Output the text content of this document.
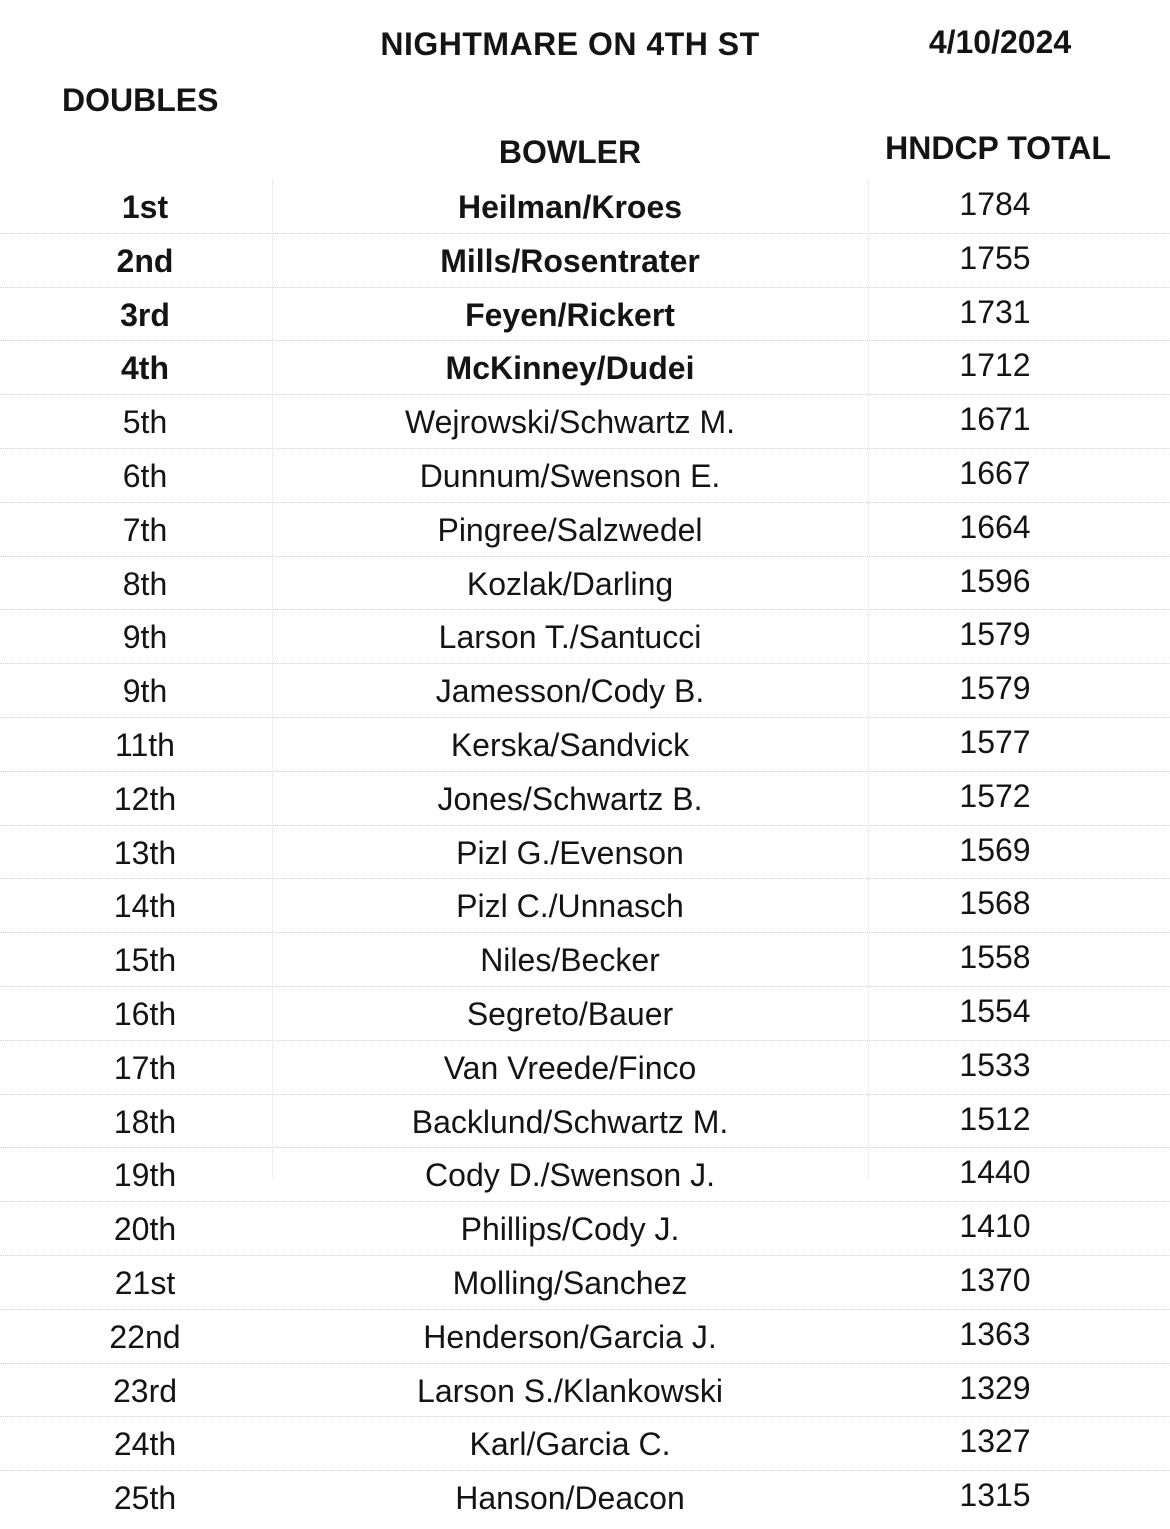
NIGHTMARE ON 4TH ST	4/10/2024
DOUBLES
BOWLER	HNDCP TOTAL
1st	Heilman/Kroes	1784
2nd	Mills/Rosentrater	1755
3rd	Feyen/Rickert	1731
4th	McKinney/Dudei	1712
5th	Wejrowski/Schwartz M.	1671
6th	Dunnum/Swenson E.	1667
7th	Pingree/Salzwedel	1664
8th	Kozlak/Darling	1596
9th	Larson T./Santucci	1579
9th	Jamesson/Cody B.	1579
11th	Kerska/Sandvick	1577
12th	Jones/Schwartz B.	1572
13th	Pizl G./Evenson	1569
14th	Pizl C./Unnasch	1568
15th	Niles/Becker	1558
16th	Segreto/Bauer	1554
17th	Van Vreede/Finco	1533
18th	Backlund/Schwartz M.	1512
19th	Cody D./Swenson J.	1440
20th	Phillips/Cody J.	1410
21st	Molling/Sanchez	1370
22nd	Henderson/Garcia J.	1363
23rd	Larson S./Klankowski	1329
24th	Karl/Garcia C.	1327
25th	Hanson/Deacon	1315
